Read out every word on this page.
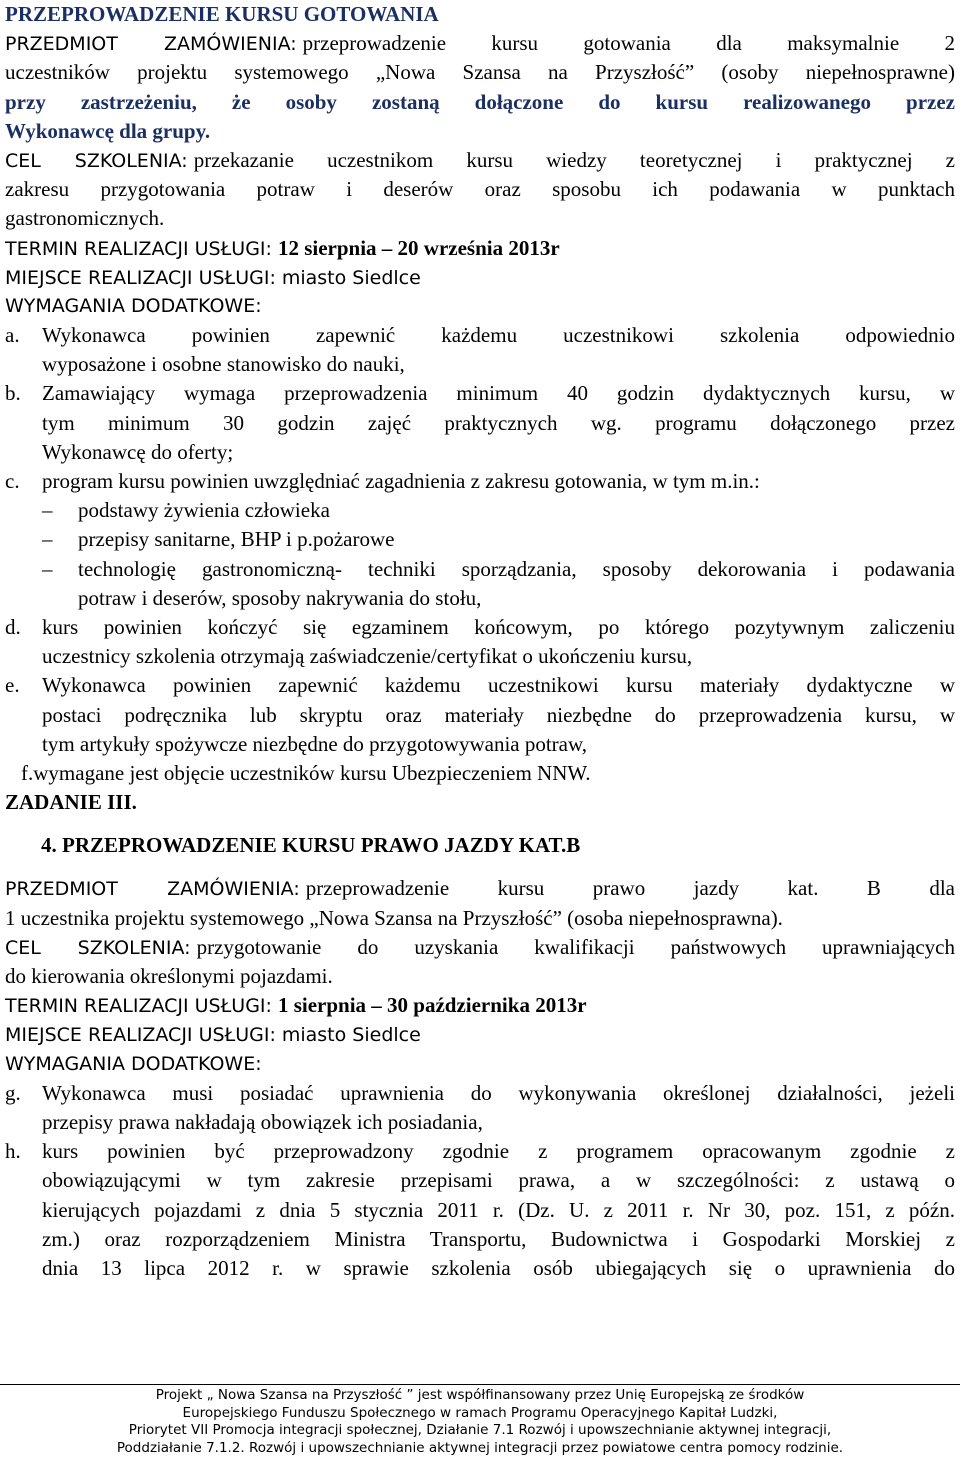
PRZEPROWADZENIE KURSU GOTOWANIA
PRZEDMIOT ZAMÓWIENIA: przeprowadzenie kursu gotowania dla maksymalnie 2
uczestników projektu systemowego „Nowa Szansa na Przyszłość” (osoby niepełnosprawne)
przy zastrzeżeniu, że osoby zostaną dołączone do kursu realizowanego przez
Wykonawcę dla grupy.
CEL SZKOLENIA: przekazanie uczestnikom kursu wiedzy teoretycznej i praktycznej z
zakresu przygotowania potraw i deserów oraz sposobu ich podawania w punktach
gastronomicznych.
TERMIN REALIZACJI USŁUGI: 12 sierpnia – 20 września 2013r
MIEJSCE REALIZACJI USŁUGI: miasto Siedlce
WYMAGANIA DODATKOWE:
a. Wykonawca powinien zapewnić każdemu uczestnikowi szkolenia odpowiednio
wyposażone i osobne stanowisko do nauki,
b. Zamawiający wymaga przeprowadzenia minimum 40 godzin dydaktycznych kursu, w
tym minimum 30 godzin zajęć praktycznych wg. programu dołączonego przez
Wykonawcę do oferty;
c. program kursu powinien uwzględniać zagadnienia z zakresu gotowania, w tym m.in.:
– podstawy żywienia człowieka
– przepisy sanitarne, BHP i p.pożarowe
– technologię gastronomiczną- techniki sporządzania, sposoby dekorowania i podawania
potraw i deserów, sposoby nakrywania do stołu,
d. kurs powinien kończyć się egzaminem końcowym, po którego pozytywnym zaliczeniu
uczestnicy szkolenia otrzymają zaświadczenie/certyfikat o ukończeniu kursu,
e. Wykonawca powinien zapewnić każdemu uczestnikowi kursu materiały dydaktyczne w
postaci podręcznika lub skryptu oraz materiały niezbędne do przeprowadzenia kursu, w
tym artykuły spożywcze niezbędne do przygotowywania potraw,
f.wymagane jest objęcie uczestników kursu Ubezpieczeniem NNW.
ZADANIE III.
4. PRZEPROWADZENIE KURSU PRAWO JAZDY KAT.B
PRZEDMIOT ZAMÓWIENIA: przeprowadzenie kursu prawo jazdy kat. B dla
1 uczestnika projektu systemowego „Nowa Szansa na Przyszłość” (osoba niepełnosprawna).
CEL SZKOLENIA: przygotowanie do uzyskania kwalifikacji państwowych uprawniających
do kierowania określonymi pojazdami.
TERMIN REALIZACJI USŁUGI: 1 sierpnia – 30 października 2013r
MIEJSCE REALIZACJI USŁUGI: miasto Siedlce
WYMAGANIA DODATKOWE:
g. Wykonawca musi posiadać uprawnienia do wykonywania określonej działalności, jeżeli
przepisy prawa nakładają obowiązek ich posiadania,
h. kurs powinien być przeprowadzony zgodnie z programem opracowanym zgodnie z
obowiązującymi w tym zakresie przepisami prawa, a w szczególności: z ustawą o
kierujących pojazdami z dnia 5 stycznia 2011 r. (Dz. U. z 2011 r. Nr 30, poz. 151, z późn.
zm.) oraz rozporządzeniem Ministra Transportu, Budownictwa i Gospodarki Morskiej z
dnia 13 lipca 2012 r. w sprawie szkolenia osób ubiegających się o uprawnienia do
Projekt „ Nowa Szansa na Przyszłość ” jest współfinansowany przez Unię Europejską ze środków
Europejskiego Funduszu Społecznego w ramach Programu Operacyjnego Kapitał Ludzki,
Priorytet VII Promocja integracji społecznej, Działanie 7.1 Rozwój i upowszechnianie aktywnej integracji,
Poddziałanie 7.1.2. Rozwój i upowszechnianie aktywnej integracji przez powiatowe centra pomocy rodzinie.
